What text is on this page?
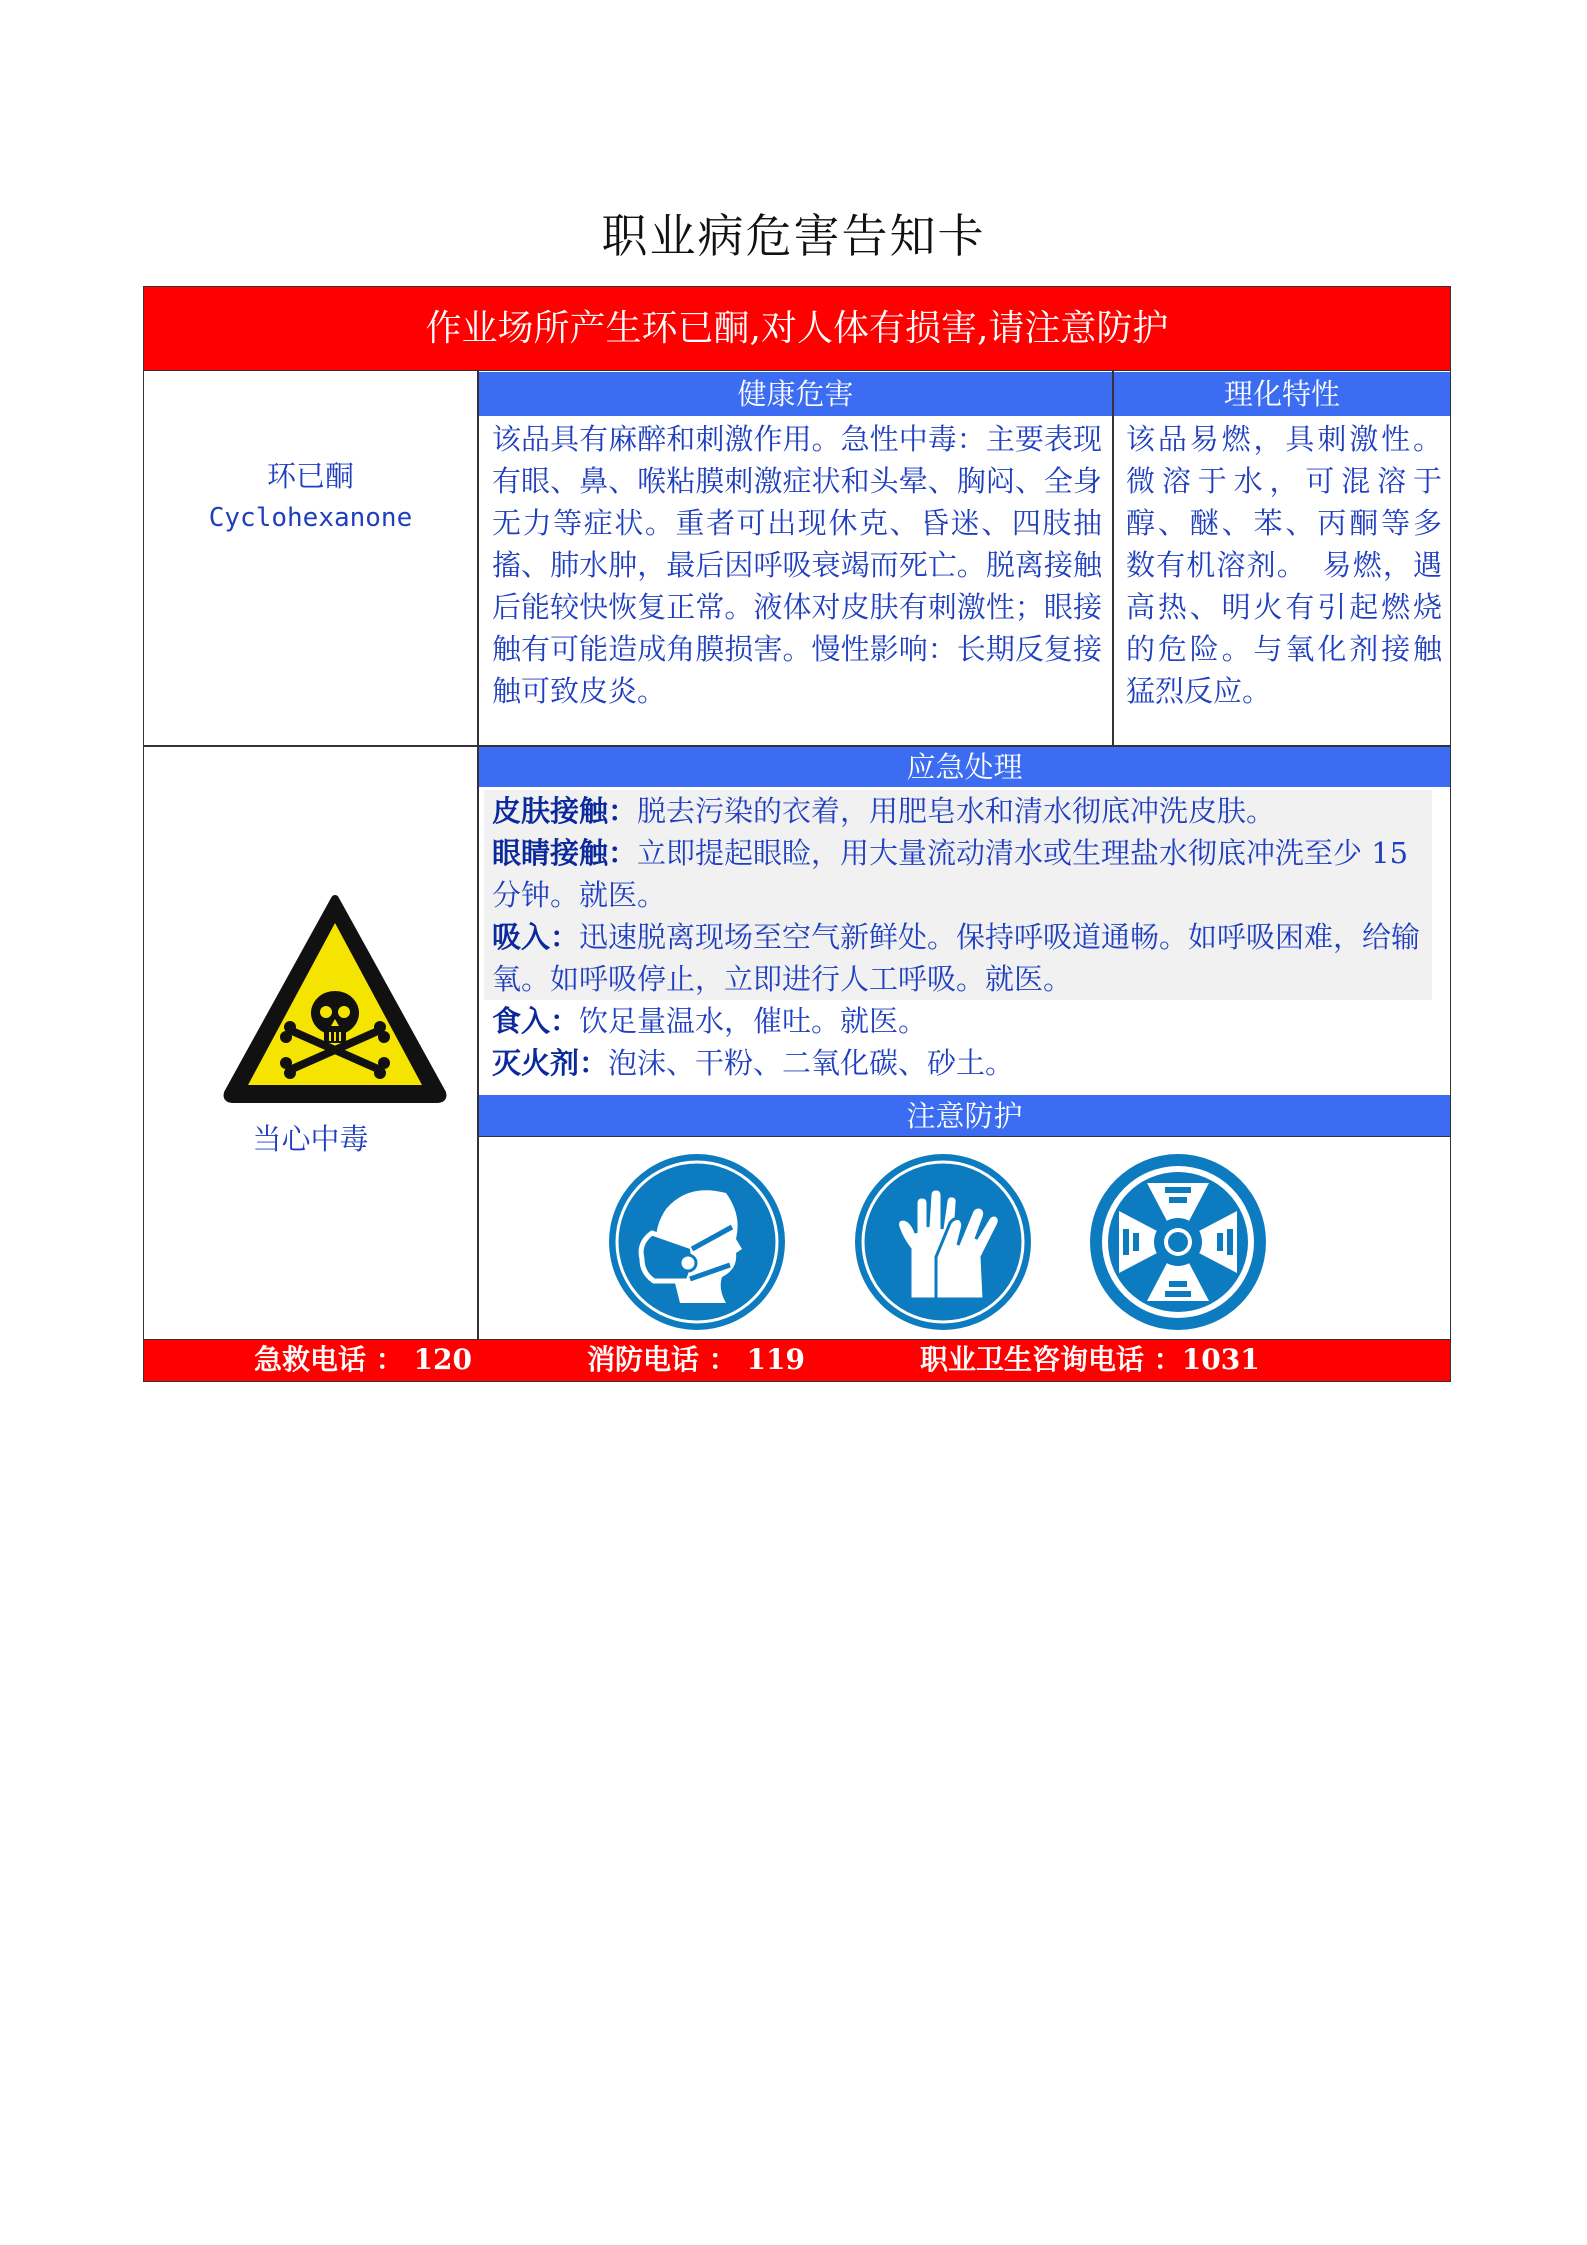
职业病危害告知卡
作业场所产生环已酮,对人体有损害,请注意防护
环已酮
Cyclohexanone
健康危害
该品具有麻醉和刺激作用。急性中毒：主要表现有眼、鼻、喉粘膜刺激症状和头晕、胸闷、全身无力等症状。重者可出现休克、昏迷、四肢抽搐、肺水肿，最后因呼吸衰竭而死亡。脱离接触后能较快恢复正常。液体对皮肤有刺激性；眼接触有可能造成角膜损害。慢性影响：长期反复接触可致皮炎。
理化特性
该品易燃，具刺激性。微溶于水，可混溶于醇、醚、苯、丙酮等多数有机溶剂。　易燃，遇高热、明火有引起燃烧的危险。与氧化剂接触猛烈反应。
应急处理

皮肤接触：脱去污染的衣着，用肥皂水和清水彻底冲洗皮肤。

眼睛接触：立即提起眼睑，用大量流动清水或生理盐水彻底冲洗至少 15 分钟。就医。

吸入：迅速脱离现场至空气新鲜处。保持呼吸道通畅。如呼吸困难，给输氧。如呼吸停止，立即进行人工呼吸。就医。

食入：饮足量温水，催吐。就医。

灭火剂：泡沫、干粉、二氧化碳、砂土。

注意防护
当心中毒
急救电话 ： 120	消防电话 ： 119	职业卫生咨询电话 ：1031
